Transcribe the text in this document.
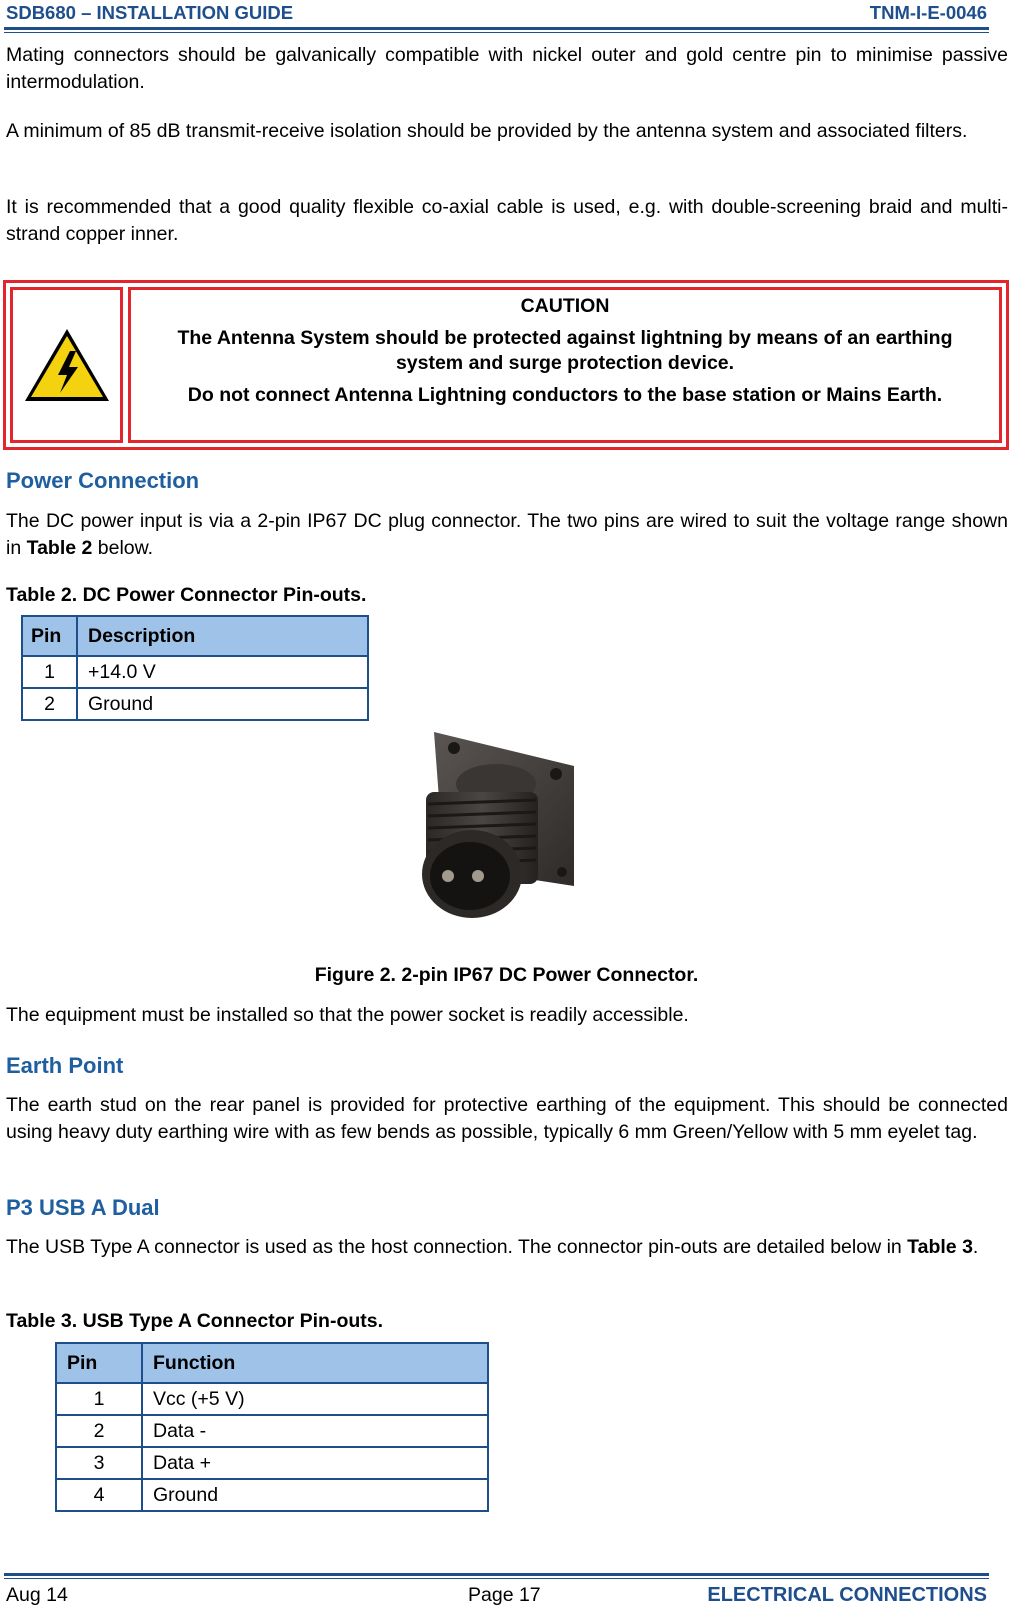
SDB680 – INSTALLATION GUIDE	TNM-I-E-0046
Mating connectors should be galvanically compatible with nickel outer and gold centre pin to minimise passive intermodulation.
A minimum of 85 dB transmit-receive isolation should be provided by the antenna system and associated filters.
It is recommended that a good quality flexible co-axial cable is used, e.g. with double-screening braid and multi-strand copper inner.

CAUTION

The Antenna System should be protected against lightning by means of an earthing system and surge protection device.

Do not connect Antenna Lightning conductors to the base station or Mains Earth.

Power Connection
The DC power input is via a 2-pin IP67 DC plug connector. The two pins are wired to suit the voltage range shown in Table 2 below.
Table 2. DC Power Connector Pin-outs.
Pin	Description
1	+14.0 V
2	Ground
Figure 2. 2-pin IP67 DC Power Connector.
The equipment must be installed so that the power socket is readily accessible.
Earth Point
The earth stud on the rear panel is provided for protective earthing of the equipment. This should be connected using heavy duty earthing wire with as few bends as possible, typically 6 mm Green/Yellow with 5 mm eyelet tag.
P3 USB A Dual
The USB Type A connector is used as the host connection. The connector pin-outs are detailed below in Table 3.
Table 3. USB Type A Connector Pin-outs.
Pin	Function
1	Vcc (+5 V)
2	Data -
3	Data +
4	Ground
Aug 14	Page 17	ELECTRICAL CONNECTIONS
